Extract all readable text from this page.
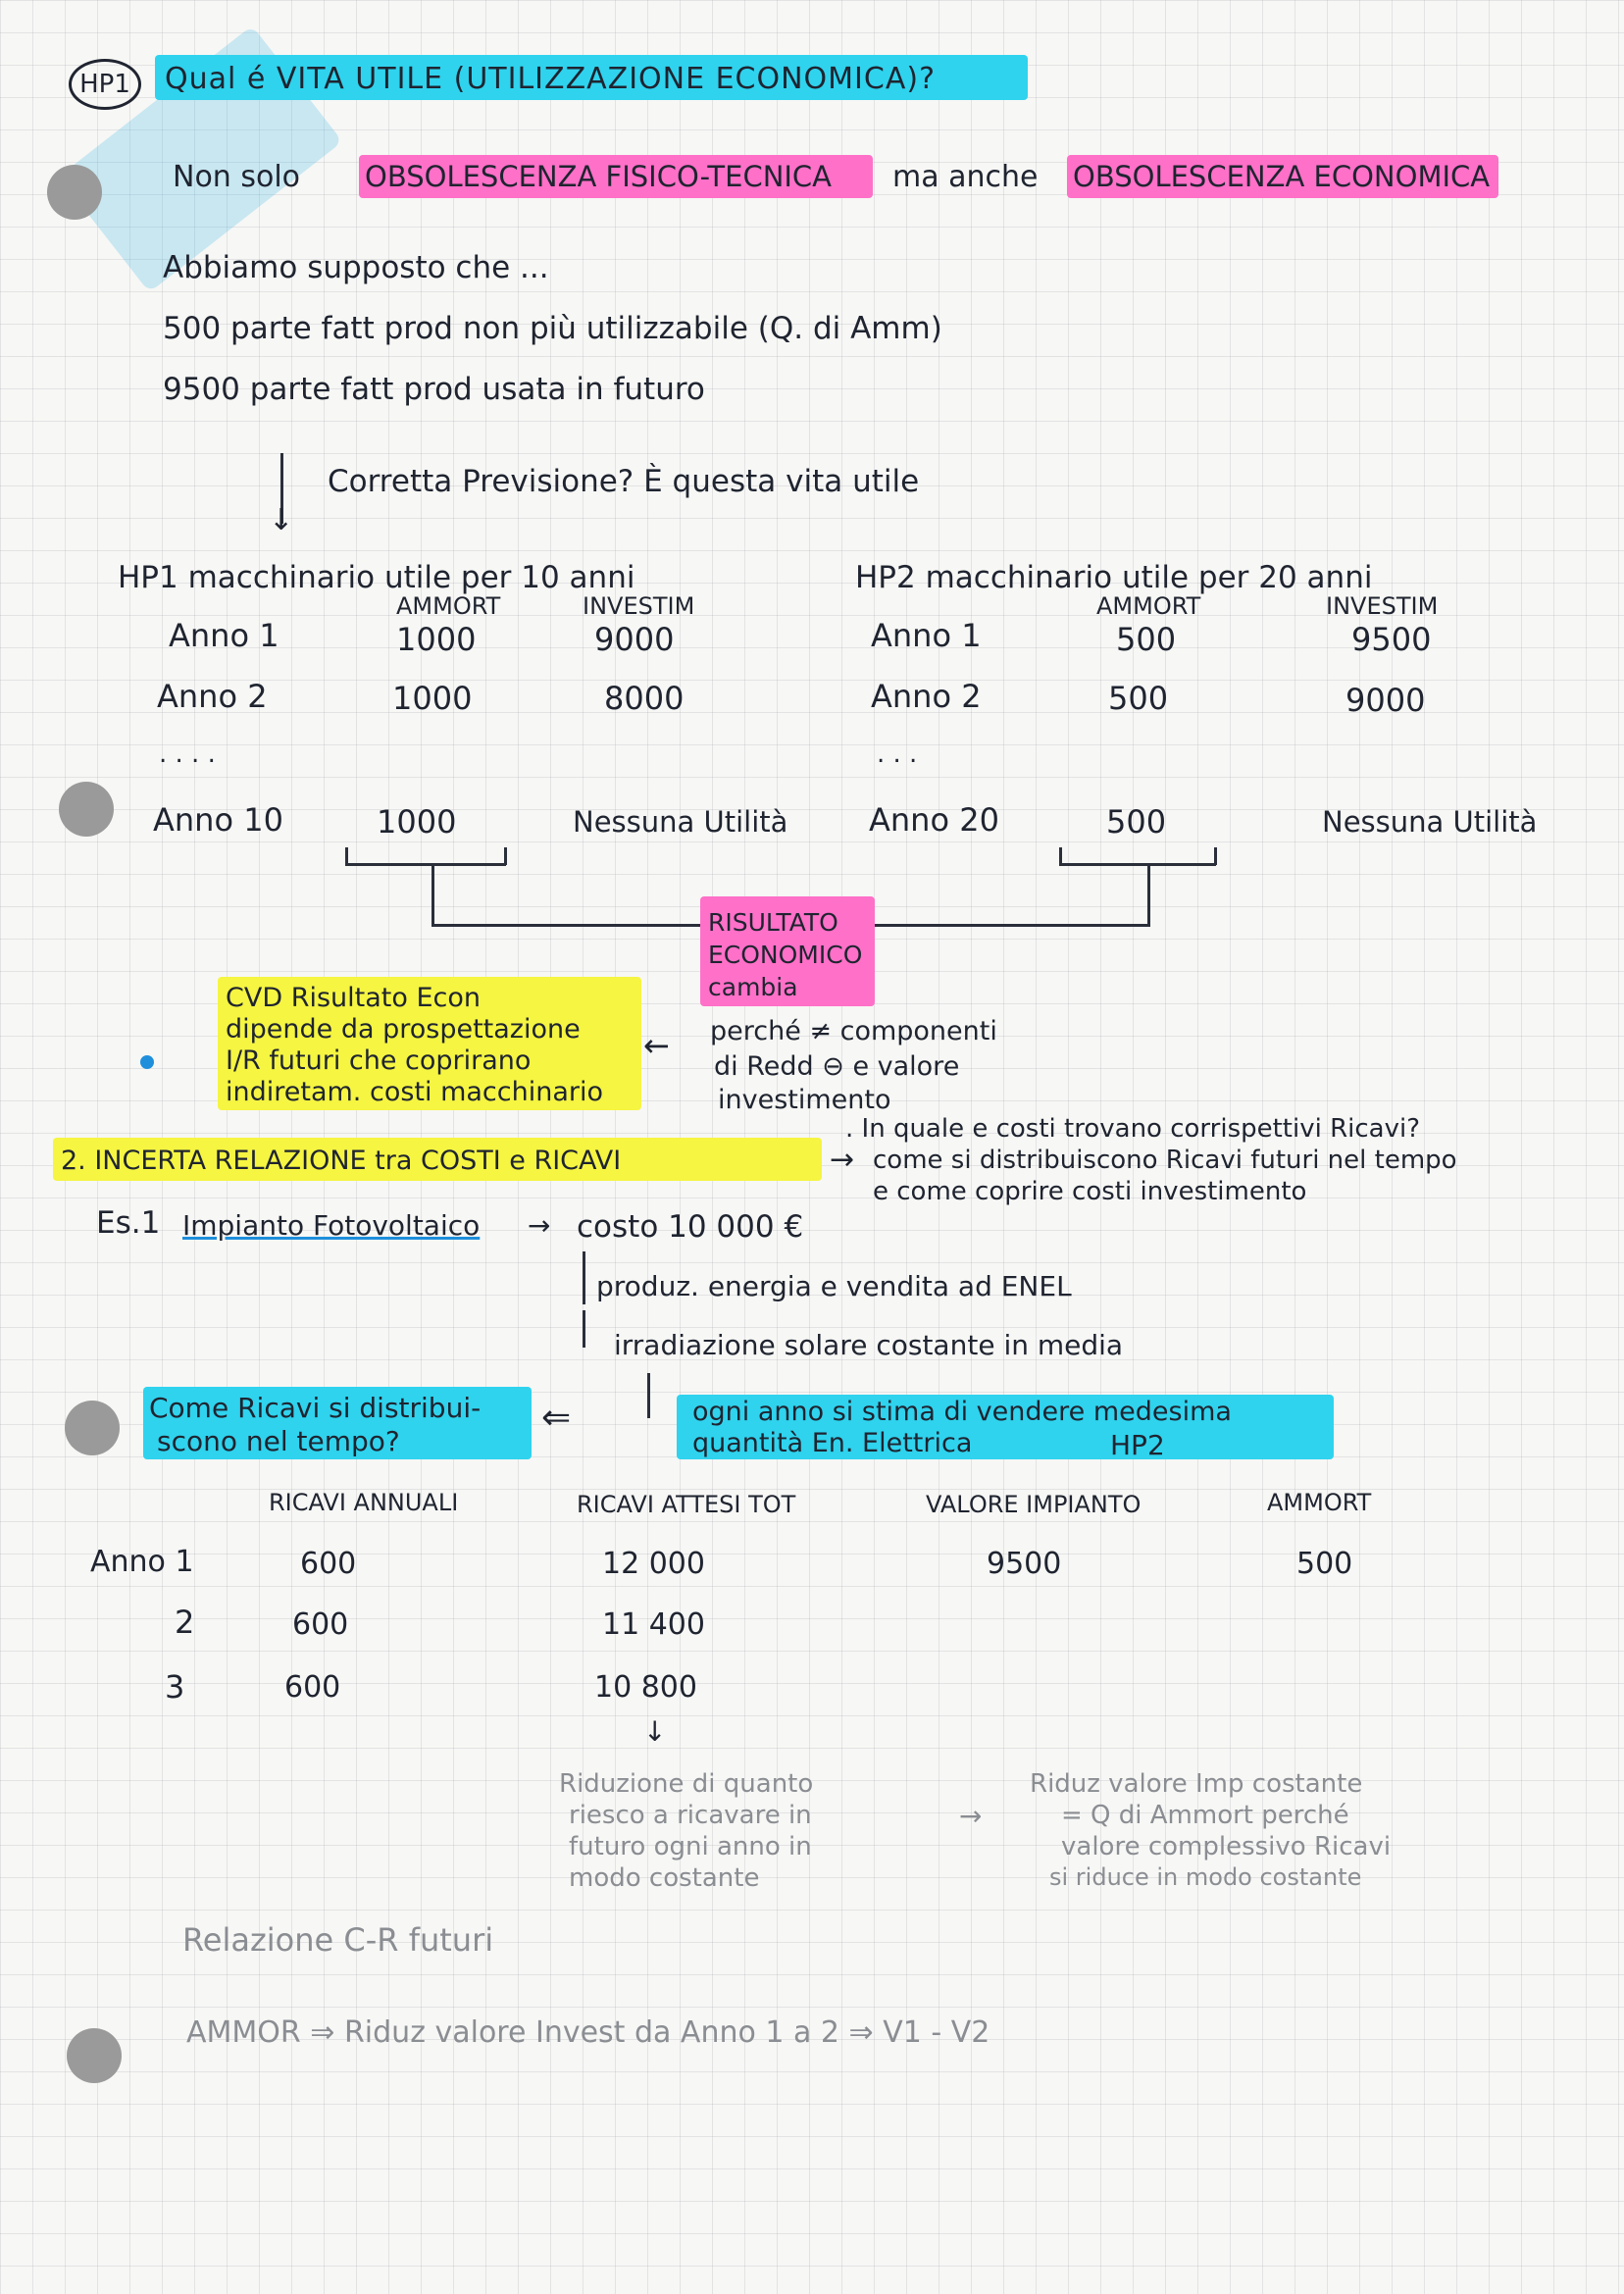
HP1	Qual é VITA UTILE (UTILIZZAZIONE ECONOMICA)?
Non solo OBSOLESCENZA FISICO-TECNICA ma anche OBSOLESCENZA ECONOMICA
Abbiamo supposto che ...
500 parte fatt prod non più utilizzabile (Q. di Amm)
9500 parte fatt prod usata in futuro
↓
Corretta Previsione? È questa vita utile
HP1 macchinario utile per 10 anni
AMMORT	INVESTIM
Anno 1	1000	9000
Anno 2	1000	8000
. . . .
Anno 10	1000	Nessuna Utilità
HP2 macchinario utile per 20 anni
AMMORT	INVESTIM
Anno 1	500	9500
Anno 2	500	9000
. . .
Anno 20	500	Nessuna Utilità
RISULTATO ECONOMICO cambia
CVD Risultato Econ
dipende da prospettazione
I/R futuri che coprirano
indiretam. costi macchinario
← perché ≠ componenti
di Redd ⊖ e valore
investimento
2. INCERTA RELAZIONE tra COSTI e RICAVI	→
. In quale e costi trovano corrispettivi Ricavi?
come si distribuiscono Ricavi futuri nel tempo
e come coprire costi investimento
Es.1 Impianto Fotovoltaico → costo 10 000 €
produz. energia e vendita ad ENEL
irradiazione solare costante in media
ogni anno si stima di vendere medesima
quantità En. Elettrica	HP2
⇐
Come Ricavi si distribui-
scono nel tempo?
RICAVI ANNUALI	RICAVI ATTESI TOT	VALORE IMPIANTO	AMMORT
Anno 1	600	12 000	9500	500
2	600	11 400
3	600	10 800
↓
Riduzione di quanto
riesco a ricavare in
futuro ogni anno in
modo costante
→
Riduz valore Imp costante
= Q di Ammort perché
valore complessivo Ricavi
si riduce in modo costante
Relazione C-R futuri
AMMOR ⇒ Riduz valore Invest da Anno 1 a 2 ⇒ V1 - V2
